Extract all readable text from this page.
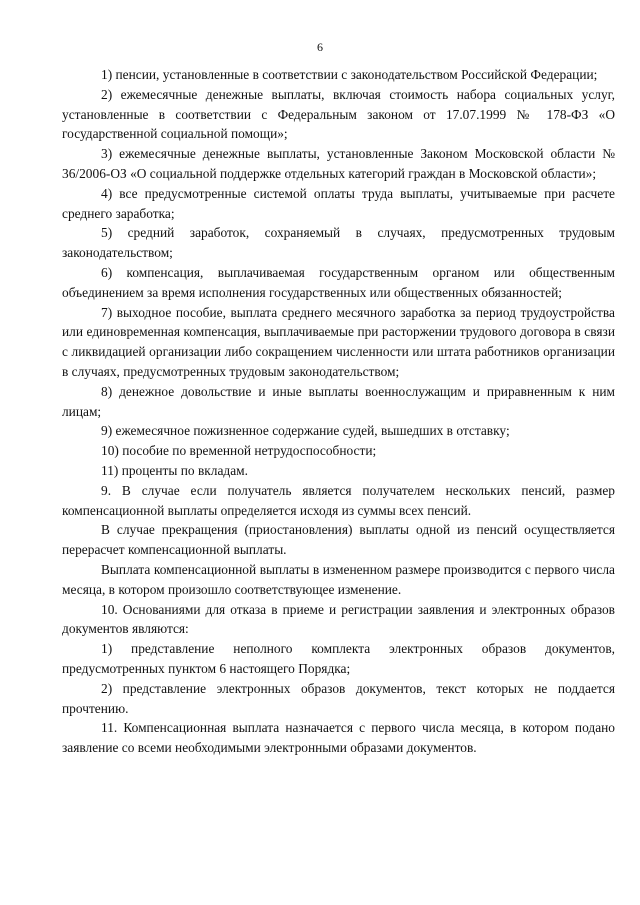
6

1) пенсии, установленные в соответствии с законодательством Российской Федерации;

2) ежемесячные денежные выплаты, включая стоимость набора социальных услуг, установленные в соответствии с Федеральным законом от 17.07.1999 № 178-ФЗ «О государственной социальной помощи»;

3) ежемесячные денежные выплаты, установленные Законом Московской области № 36/2006-ОЗ «О социальной поддержке отдельных категорий граждан в Московской области»;

4) все предусмотренные системой оплаты труда выплаты, учитываемые при расчете среднего заработка;

5) средний заработок, сохраняемый в случаях, предусмотренных трудовым законодательством;

6) компенсация, выплачиваемая государственным органом или общественным объединением за время исполнения государственных или общественных обязанностей;

7) выходное пособие, выплата среднего месячного заработка за период трудоустройства или единовременная компенсация, выплачиваемые при расторжении трудового договора в связи с ликвидацией организации либо сокращением численности или штата работников организации в случаях, предусмотренных трудовым законодательством;

8) денежное довольствие и иные выплаты военнослужащим и приравненным к ним лицам;

9) ежемесячное пожизненное содержание судей, вышедших в отставку;

10) пособие по временной нетрудоспособности;

11) проценты по вкладам.

9. В случае если получатель является получателем нескольких пенсий, размер компенсационной выплаты определяется исходя из суммы всех пенсий.

В случае прекращения (приостановления) выплаты одной из пенсий осуществляется перерасчет компенсационной выплаты.

Выплата компенсационной выплаты в измененном размере производится с первого числа месяца, в котором произошло соответствующее изменение.

10. Основаниями для отказа в приеме и регистрации заявления и электронных образов документов являются:

1) представление неполного комплекта электронных образов документов, предусмотренных пунктом 6 настоящего Порядка;

2) представление электронных образов документов, текст которых не поддается прочтению.

11. Компенсационная выплата назначается с первого числа месяца, в котором подано заявление со всеми необходимыми электронными образами документов.
